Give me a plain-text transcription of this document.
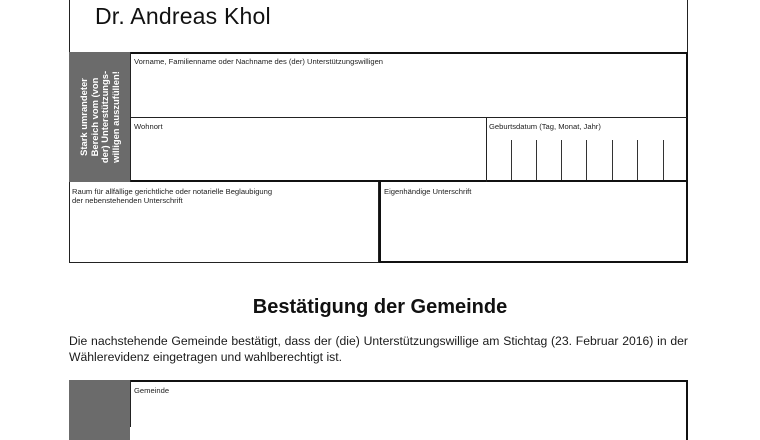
Dr. Andreas Khol
Stark umrandeter
Bereich vom (von
der) Unterstützungs-
willigen auszufüllen!
Vorname, Familienname oder Nachname des (der) Unterstützungswilligen
Wohnort	Geburtsdatum (Tag, Monat, Jahr)
Raum für allfällige gerichtliche oder notarielle Beglaubigung
der nebenstehenden Unterschrift
Eigenhändige Unterschrift
Bestätigung der Gemeinde
Die nachstehende Gemeinde bestätigt, dass der (die) Unterstützungswillige am Stichtag (23. Februar 2016) in der Wählerevidenz eingetragen und wahlberechtigt ist.
Gemeinde
